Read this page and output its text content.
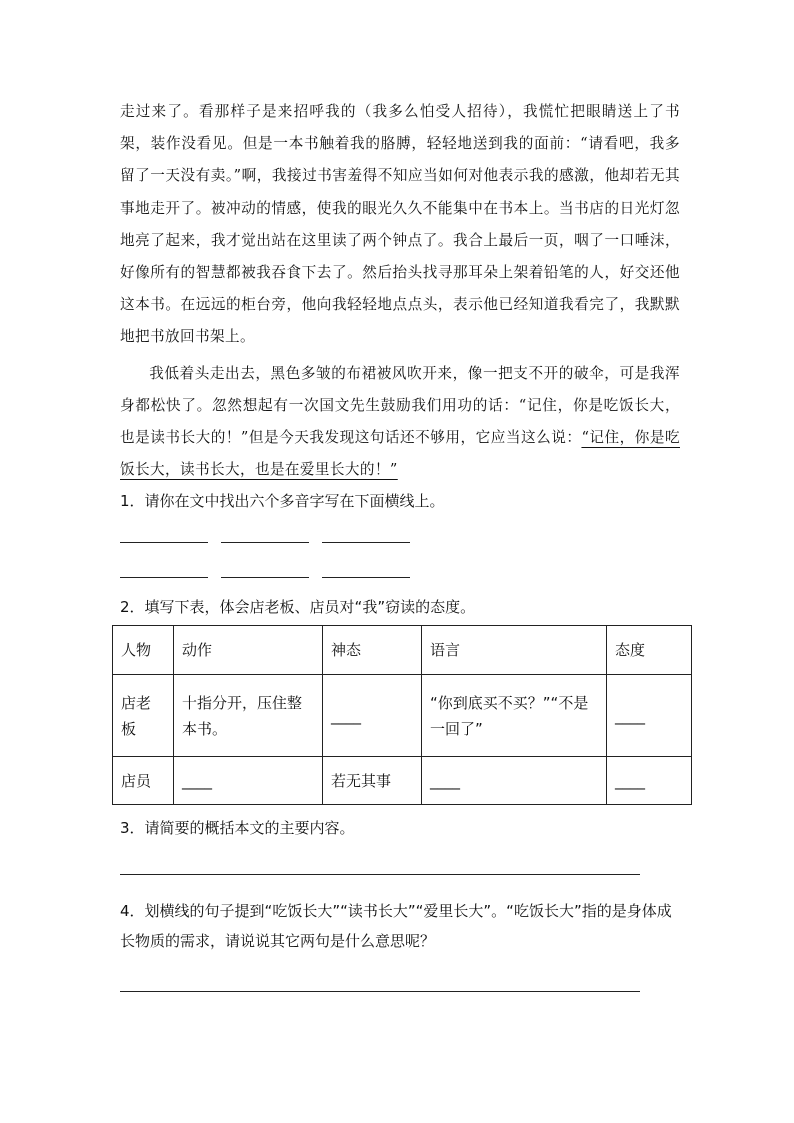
走过来了。看那样子是来招呼我的（我多么怕受人招待），我慌忙把眼睛送上了书架，装作没看见。但是一本书触着我的胳膊，轻轻地送到我的面前：“请看吧，我多留了一天没有卖。”啊，我接过书害羞得不知应当如何对他表示我的感激，他却若无其事地走开了。被冲动的情感，使我的眼光久久不能集中在书本上。当书店的日光灯忽地亮了起来，我才觉出站在这里读了两个钟点了。我合上最后一页，咽了一口唾沫，好像所有的智慧都被我吞食下去了。然后抬头找寻那耳朵上架着铅笔的人，好交还他这本书。在远远的柜台旁，他向我轻轻地点点头，表示他已经知道我看完了，我默默地把书放回书架上。

我低着头走出去，黑色多皱的布裙被风吹开来，像一把支不开的破伞，可是我浑身都松快了。忽然想起有一次国文先生鼓励我们用功的话：“记住，你是吃饭长大，也是读书长大的！”但是今天我发现这句话还不够用，它应当这么说：“记住，你是吃饭长大，读书长大，也是在爱里长大的！”

1．请你在文中找出六个多音字写在下面横线上。
2．填写下表，体会店老板、店员对“我”窃读的态度。
人物	动作	神态	语言	态度
店老板	十指分开，压住整本书。	____	“你到底买不买？”“不是一回了”	____
店员	____	若无其事	____	____
3．请简要的概括本文的主要内容。
4．划横线的句子提到“吃饭长大”“读书长大”“爱里长大”。“吃饭长大”指的是身体成长物质的需求，请说说其它两句是什么意思呢？
